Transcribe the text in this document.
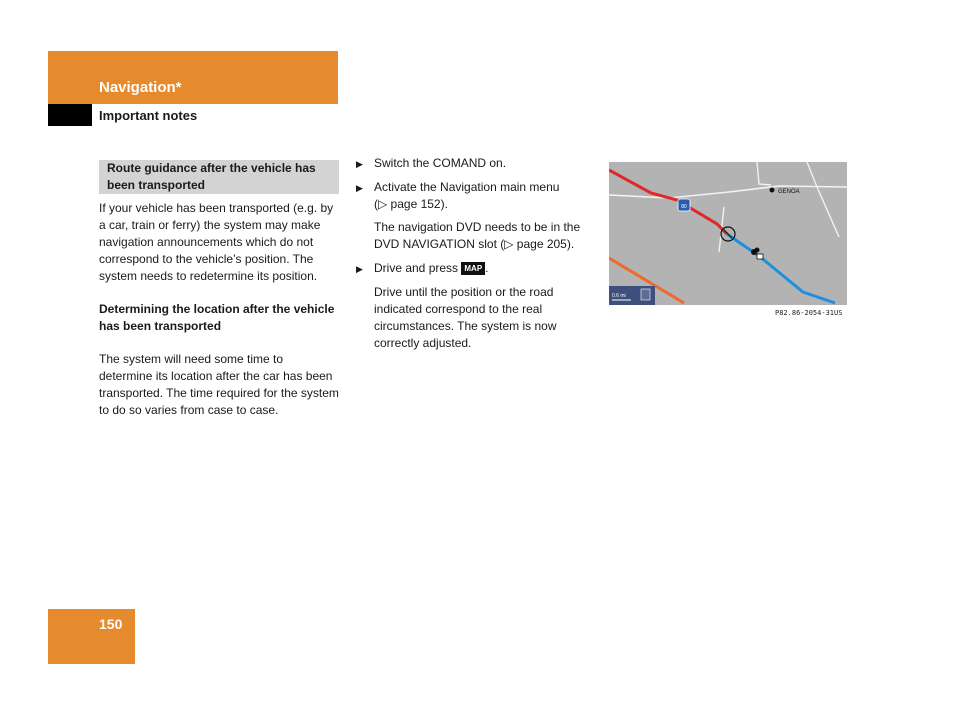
Navigation*
Important notes
Route guidance after the vehicle has been transported

If your vehicle has been transported (e.g. by a car, train or ferry) the system may make navigation announcements which do not correspond to the vehicle’s position. The system needs to redetermine its position.

Determining the location after the vehicle has been transported

The system will need some time to determine its location after the car has been transported. The time required for the system to do so varies from case to case.

▶ Switch the COMAND on.
▶ Activate the Navigation main menu
(▷ page 152).
The navigation DVD needs to be in the DVD NAVIGATION slot (▷ page 205).
▶ Drive and press MAP .
Drive until the position or the road indicated correspond to the real circumstances. The system is now correctly adjusted.
80
GENOA
0.6 mi
P82.86-2054-31US
150
